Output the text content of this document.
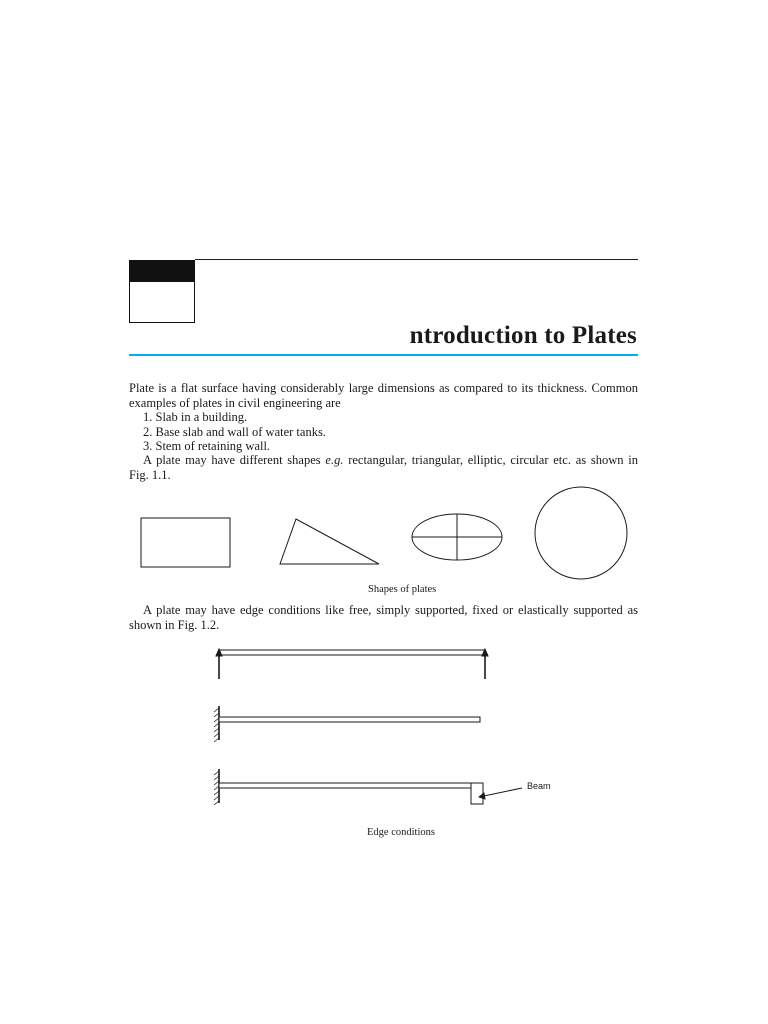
ntroduction to Plates
Plate is a flat surface having considerably large dimensions as compared to its thickness. Common examples of plates in civil engineering are
1. Slab in a building.
2. Base slab and wall of water tanks.
3. Stem of retaining wall.
A plate may have different shapes e.g. rectangular, triangular, elliptic, circular etc. as shown in Fig. 1.1.
Shapes of plates
A plate may have edge conditions like free, simply supported, fixed or elastically supported as shown in Fig. 1.2.
Beam
Edge conditions
